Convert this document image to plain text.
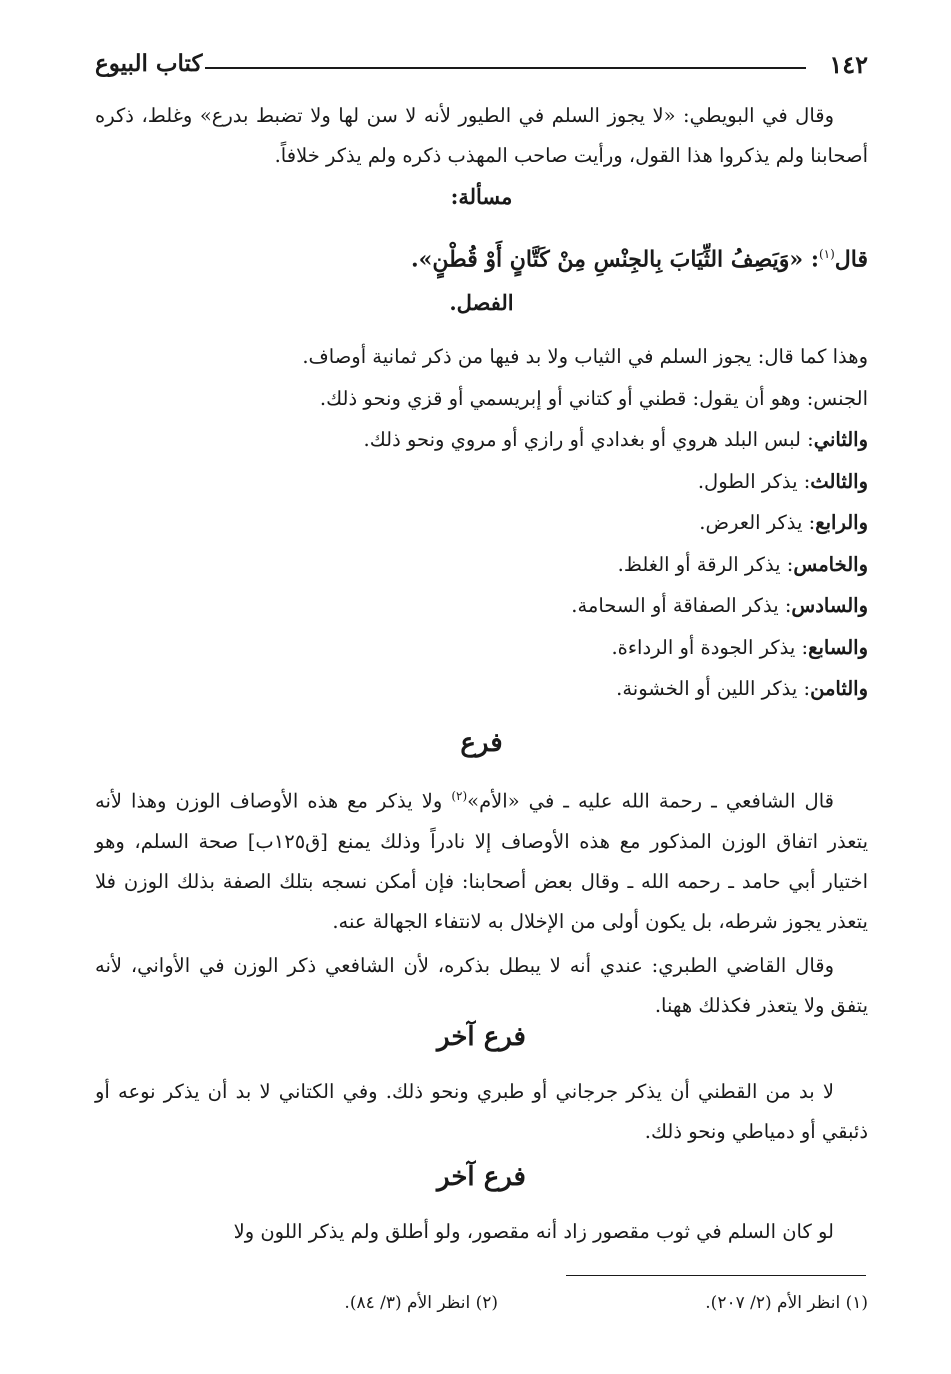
١٤٢
كتاب البيوع

وقال في البويطي: «لا يجوز السلم في الطيور لأنه لا سن لها ولا تضبط بدرع» وغلط، ذكره أصحابنا ولم يذكروا هذا القول، ورأيت صاحب المهذب ذكره ولم يذكر خلافاً.

مسألة:
قال$^{(١)}$: «وَيَصِفُ الثِّيَابَ بِالجِنْسِ مِنْ كَتَّانٍ أَوْ قُطْنٍ».
الفصل.
وهذا كما قال: يجوز السلم في الثياب ولا بد فيها من ذكر ثمانية أوصاف.
الجنس: وهو أن يقول: قطني أو كتاني أو إبريسمي أو قزي ونحو ذلك.
والثاني: لبس البلد هروي أو بغدادي أو رازي أو مروي ونحو ذلك.
والثالث: يذكر الطول.
والرابع: يذكر العرض.
والخامس: يذكر الرقة أو الغلظ.
والسادس: يذكر الصفاقة أو السحامة.
والسابع: يذكر الجودة أو الرداءة.
والثامن: يذكر اللين أو الخشونة.
فرع

قال الشافعي ـ رحمة الله عليه ـ في «الأم»$^{(٢)}$ ولا يذكر مع هذه الأوصاف الوزن وهذا لأنه يتعذر اتفاق الوزن المذكور مع هذه الأوصاف إلا نادراً وذلك يمنع [ق١٢٥ب] صحة السلم، وهو اختيار أبي حامد ـ رحمه الله ـ وقال بعض أصحابنا: فإن أمكن نسجه بتلك الصفة بذلك الوزن فلا يتعذر يجوز شرطه، بل يكون أولى من الإخلال به لانتفاء الجهالة عنه.

وقال القاضي الطبري: عندي أنه لا يبطل بذكره، لأن الشافعي ذكر الوزن في الأواني، لأنه يتفق ولا يتعذر فكذلك ههنا.

فرع آخر

لا بد من القطني أن يذكر جرجاني أو طبري ونحو ذلك. وفي الكتاني لا بد أن يذكر نوعه أو ذئبقي أو دمياطي ونحو ذلك.

فرع آخر

لو كان السلم في ثوب مقصور زاد أنه مقصور، ولو أطلق ولم يذكر اللون ولا

(١) انظر الأم (٢/ ٢٠٧).
(٢) انظر الأم (٣/ ٨٤).
